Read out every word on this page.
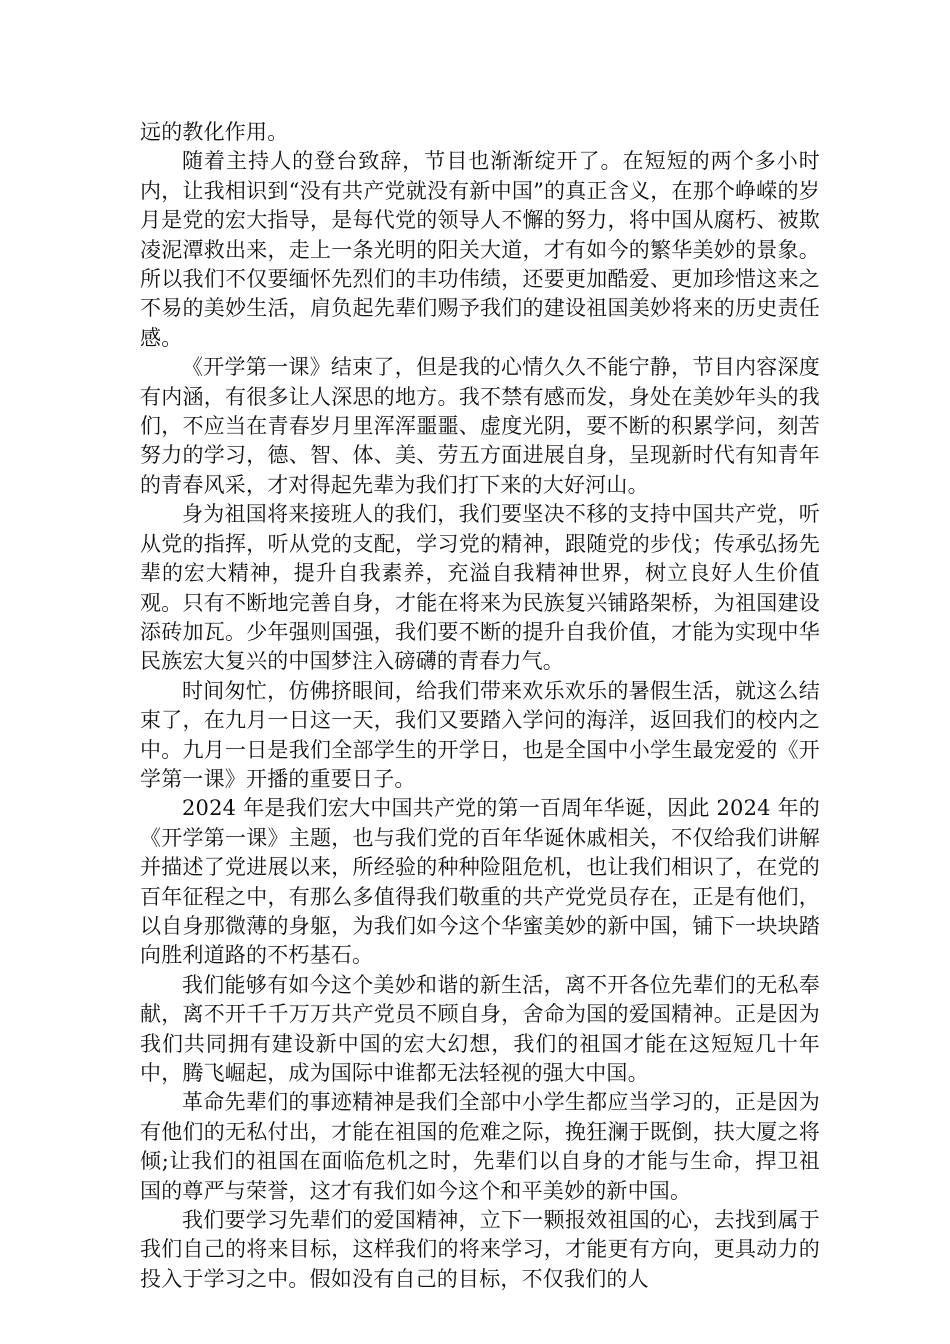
远的教化作用。

随着主持人的登台致辞，节目也渐渐绽开了。在短短的两个多小时内，让我相识到“没有共产党就没有新中国”的真正含义，在那个峥嵘的岁月是党的宏大指导，是每代党的领导人不懈的努力，将中国从腐朽、被欺凌泥潭救出来，走上一条光明的阳关大道，才有如今的繁华美妙的景象。所以我们不仅要缅怀先烈们的丰功伟绩，还要更加酷爱、更加珍惜这来之不易的美妙生活，肩负起先辈们赐予我们的建设祖国美妙将来的历史责任感。

《开学第一课》结束了，但是我的心情久久不能宁静，节目内容深度有内涵，有很多让人深思的地方。我不禁有感而发，身处在美妙年头的我们，不应当在青春岁月里浑浑噩噩、虚度光阴，要不断的积累学问，刻苦努力的学习，德、智、体、美、劳五方面进展自身，呈现新时代有知青年的青春风采，才对得起先辈为我们打下来的大好河山。

身为祖国将来接班人的我们，我们要坚决不移的支持中国共产党，听从党的指挥，听从党的支配，学习党的精神，跟随党的步伐；传承弘扬先辈的宏大精神，提升自我素养，充溢自我精神世界，树立良好人生价值观。只有不断地完善自身，才能在将来为民族复兴铺路架桥，为祖国建设添砖加瓦。少年强则国强，我们要不断的提升自我价值，才能为实现中华民族宏大复兴的中国梦注入磅礴的青春力气。

时间匆忙，仿佛挤眼间，给我们带来欢乐欢乐的暑假生活，就这么结束了，在九月一日这一天，我们又要踏入学问的海洋，返回我们的校内之中。九月一日是我们全部学生的开学日，也是全国中小学生最宠爱的《开学第一课》开播的重要日子。

2024 年是我们宏大中国共产党的第一百周年华诞，因此 2024 年的《开学第一课》主题，也与我们党的百年华诞休戚相关，不仅给我们讲解并描述了党进展以来，所经验的种种险阻危机，也让我们相识了，在党的百年征程之中，有那么多值得我们敬重的共产党党员存在，正是有他们，以自身那微薄的身躯，为我们如今这个华蜜美妙的新中国，铺下一块块踏向胜利道路的不朽基石。

我们能够有如今这个美妙和谐的新生活，离不开各位先辈们的无私奉献，离不开千千万万共产党员不顾自身，舍命为国的爱国精神。正是因为我们共同拥有建设新中国的宏大幻想，我们的祖国才能在这短短几十年中，腾飞崛起，成为国际中谁都无法轻视的强大中国。

革命先辈们的事迹精神是我们全部中小学生都应当学习的，正是因为有他们的无私付出，才能在祖国的危难之际，挽狂澜于既倒，扶大厦之将倾;让我们的祖国在面临危机之时，先辈们以自身的才能与生命，捍卫祖国的尊严与荣誉，这才有我们如今这个和平美妙的新中国。

我们要学习先辈们的爱国精神，立下一颗报效祖国的心，去找到属于我们自己的将来目标，这样我们的将来学习，才能更有方向，更具动力的投入于学习之中。假如没有自己的目标，不仅我们的人
